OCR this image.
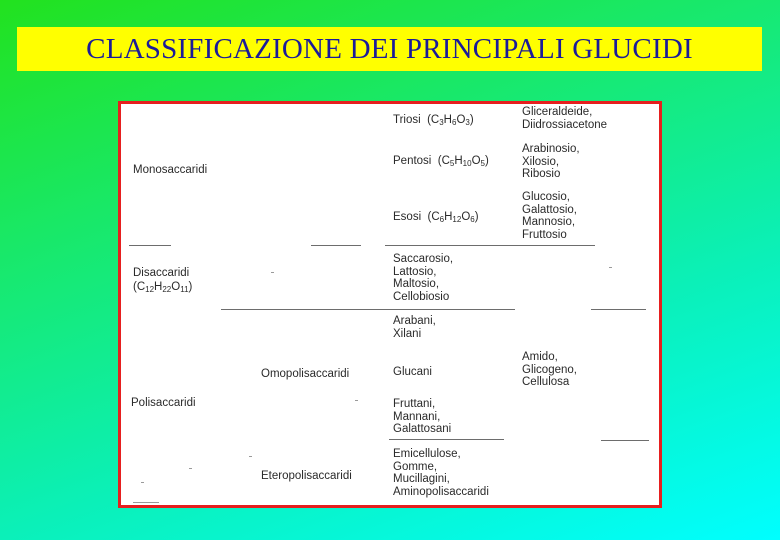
CLASSIFICAZIONE DEI PRINCIPALI GLUCIDI
Monosaccaridi
Disaccaridi
$(C_{12}H_{22}O_{11})$
Polisaccaridi
Omopolisaccaridi
Eteropolisaccaridi
Triosi $(C_3H_6O_3)$
Pentosi $(C_5H_{10}O_5)$
Esosi $(C_6H_{12}O_6)$
Saccarosio,
Lattosio,
Maltosio,
Cellobiosio
Arabani,
Xilani
Glucani
Fruttani,
Mannani,
Galattosani
Emicellulose,
Gomme,
Mucillagini,
Aminopolisaccaridi
Gliceraldeide,
Diidrossiacetone
Arabinosio,
Xilosio,
Ribosio
Glucosio,
Galattosio,
Mannosio,
Fruttosio
Amido,
Glicogeno,
Cellulosa
